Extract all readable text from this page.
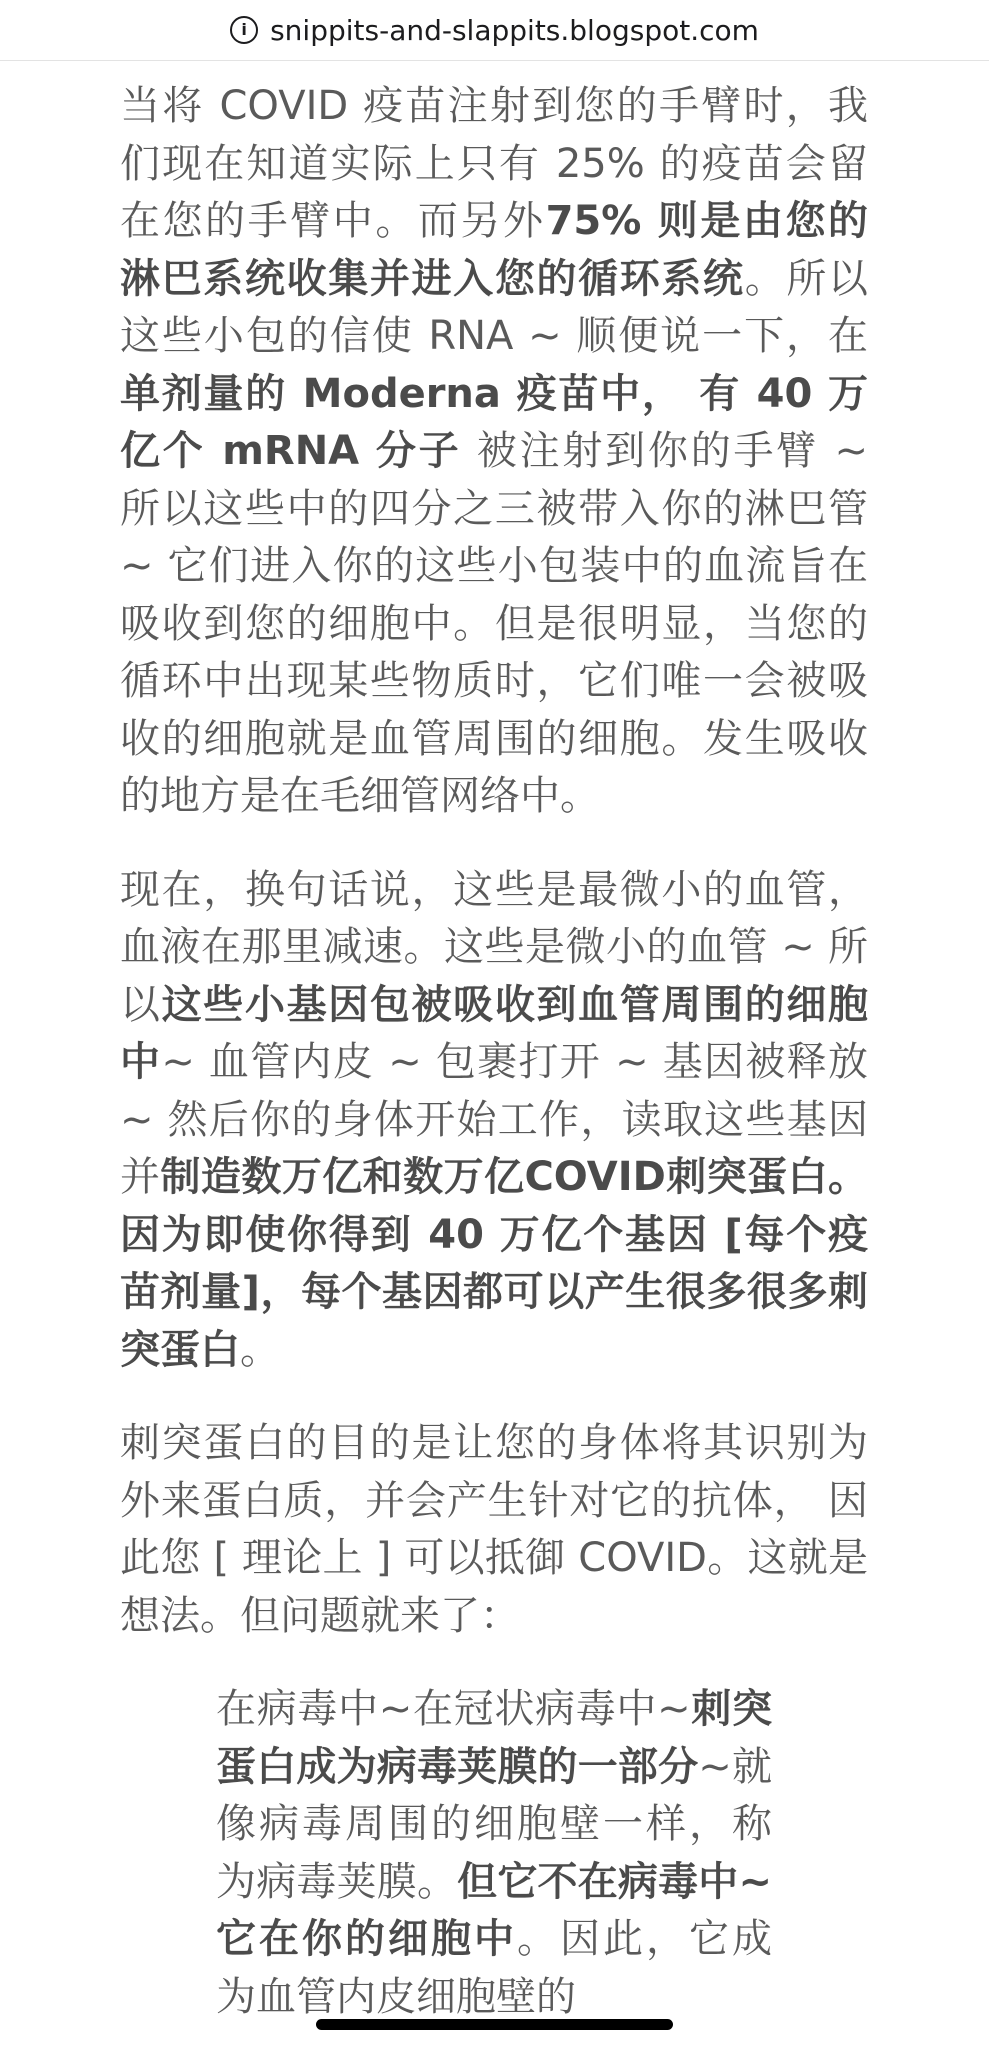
i snippits-and-slappits.blogspot.com

当将 COVID 疫苗注射到您的手臂时，我们现在知道实际上只有 25% 的疫苗会留在您的手臂中。而另外75% 则是由您的淋巴系统收集并进入您的循环系统。所以这些小包的信使 RNA ~ 顺便说一下，在单剂量的 Moderna 疫苗中， 有 40 万亿个 mRNA 分子 被注射到你的手臂 ~ 所以这些中的四分之三被带入你的淋巴管 ~ 它们进入你的这些小包装中的血流旨在吸收到您的细胞中。但是很明显，当您的循环中出现某些物质时，它们唯一会被吸收的细胞就是血管周围的细胞。发生吸收的地方是在毛细管网络中。

现在，换句话说，这些是最微小的血管，血液在那里减速。这些是微小的血管 ~ 所以这些小基因包被吸收到血管周围的细胞中~ 血管内皮 ~ 包裹打开 ~ 基因被释放 ~ 然后你的身体开始工作，读取这些基因并制造数万亿和数万亿COVID刺突蛋白。因为即使你得到 40 万亿个基因 [每个疫苗剂量]，每个基因都可以产生很多很多刺突蛋白。

刺突蛋白的目的是让您的身体将其识别为外来蛋白质，并会产生针对它的抗体， 因此您 [ 理论上 ] 可以抵御 COVID。这就是想法。但问题就来了：

在病毒中~在冠状病毒中~刺突蛋白成为病毒荚膜的一部分~就像病毒周围的细胞壁一样，称为病毒荚膜。但它不在病毒中~它在你的细胞中。因此，它成为血管内皮细胞壁的
